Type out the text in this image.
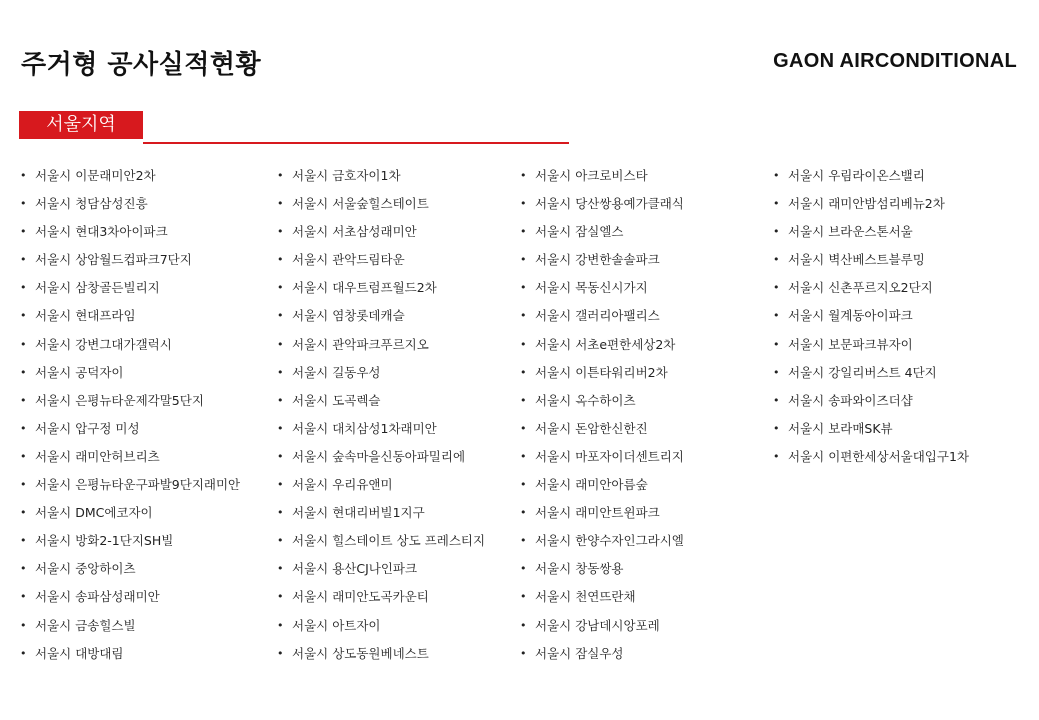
주거형 공사실적현황	GAON AIRCONDITIONAL
서울지역
• 서울시 이문래미안2차
• 서울시 청담삼성진흥
• 서울시 현대3차아이파크
• 서울시 상암월드컵파크7단지
• 서울시 삼창골든빌리지
• 서울시 현대프라임
• 서울시 강변그대가갤럭시
• 서울시 공덕자이
• 서울시 은평뉴타운제각말5단지
• 서울시 압구정 미성
• 서울시 래미안허브리츠
• 서울시 은평뉴타운구파발9단지래미안
• 서울시 DMC에코자이
• 서울시 방화2-1단지SH빌
• 서울시 중앙하이츠
• 서울시 송파삼성래미안
• 서울시 금송힐스빌
• 서울시 대방대림
• 서울시 금호자이1차
• 서울시 서울숲힐스테이트
• 서울시 서초삼성래미안
• 서울시 관악드림타운
• 서울시 대우트럼프월드2차
• 서울시 염창롯데캐슬
• 서울시 관악파크푸르지오
• 서울시 길동우성
• 서울시 도곡렉슬
• 서울시 대치삼성1차래미안
• 서울시 숲속마을신동아파밀리에
• 서울시 우리유앤미
• 서울시 현대리버빌1지구
• 서울시 힐스테이트 상도 프레스티지
• 서울시 용산CJ나인파크
• 서울시 래미안도곡카운티
• 서울시 아트자이
• 서울시 상도동원베네스트
• 서울시 아크로비스타
• 서울시 당산쌍용예가클래식
• 서울시 잠실엘스
• 서울시 강변한솔솔파크
• 서울시 목동신시가지
• 서울시 갤러리아팰리스
• 서울시 서초e편한세상2차
• 서울시 이튼타워리버2차
• 서울시 옥수하이츠
• 서울시 돈암한신한진
• 서울시 마포자이더센트리지
• 서울시 래미안아름숲
• 서울시 래미안트윈파크
• 서울시 한양수자인그라시엘
• 서울시 창동쌍용
• 서울시 천연뜨란채
• 서울시 강남데시앙포레
• 서울시 잠실우성
• 서울시 우림라이온스밸리
• 서울시 래미안밤섬리베뉴2차
• 서울시 브라운스톤서울
• 서울시 벽산베스트블루밍
• 서울시 신촌푸르지오2단지
• 서울시 월계동아이파크
• 서울시 보문파크뷰자이
• 서울시 강일리버스트 4단지
• 서울시 송파와이즈더샵
• 서울시 보라매SK뷰
• 서울시 이편한세상서울대입구1차
